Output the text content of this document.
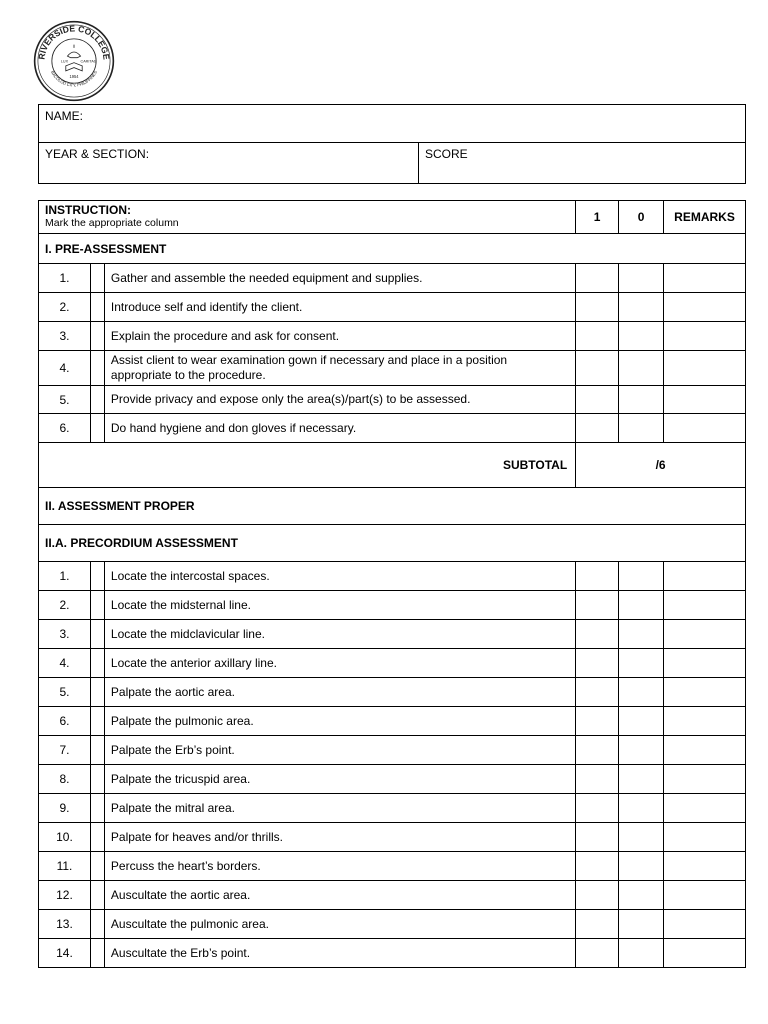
RIVERSIDE COLLEGE
BACOLOD CITY, PHILIPPINES
LUX	CARITAS
1954
NAME:
YEAR & SECTION:	SCORE
INSTRUCTION:
Mark the appropriate column			1	0	REMARKS
I. PRE-ASSESSMENT					
1.		Gather and assemble the needed equipment and supplies.			
2.		Introduce self and identify the client.			
3.		Explain the procedure and ask for consent.			
4.		Assist client to wear examination gown if necessary and place in a position appropriate to the procedure.			
5.		Provide privacy and expose only the area(s)/part(s) to be assessed.			
6.		Do hand hygiene and don gloves if necessary.			
SUBTOTAL			/6		
II. ASSESSMENT PROPER					
II.A. PRECORDIUM ASSESSMENT					
1.		Locate the intercostal spaces.			
2.		Locate the midsternal line.			
3.		Locate the midclavicular line.			
4.		Locate the anterior axillary line.			
5.		Palpate the aortic area.			
6.		Palpate the pulmonic area.			
7.		Palpate the Erb’s point.			
8.		Palpate the tricuspid area.			
9.		Palpate the mitral area.			
10.		Palpate for heaves and/or thrills.			
11.		Percuss the heart’s borders.			
12.		Auscultate the aortic area.			
13.		Auscultate the pulmonic area.			
14.		Auscultate the Erb’s point.			
